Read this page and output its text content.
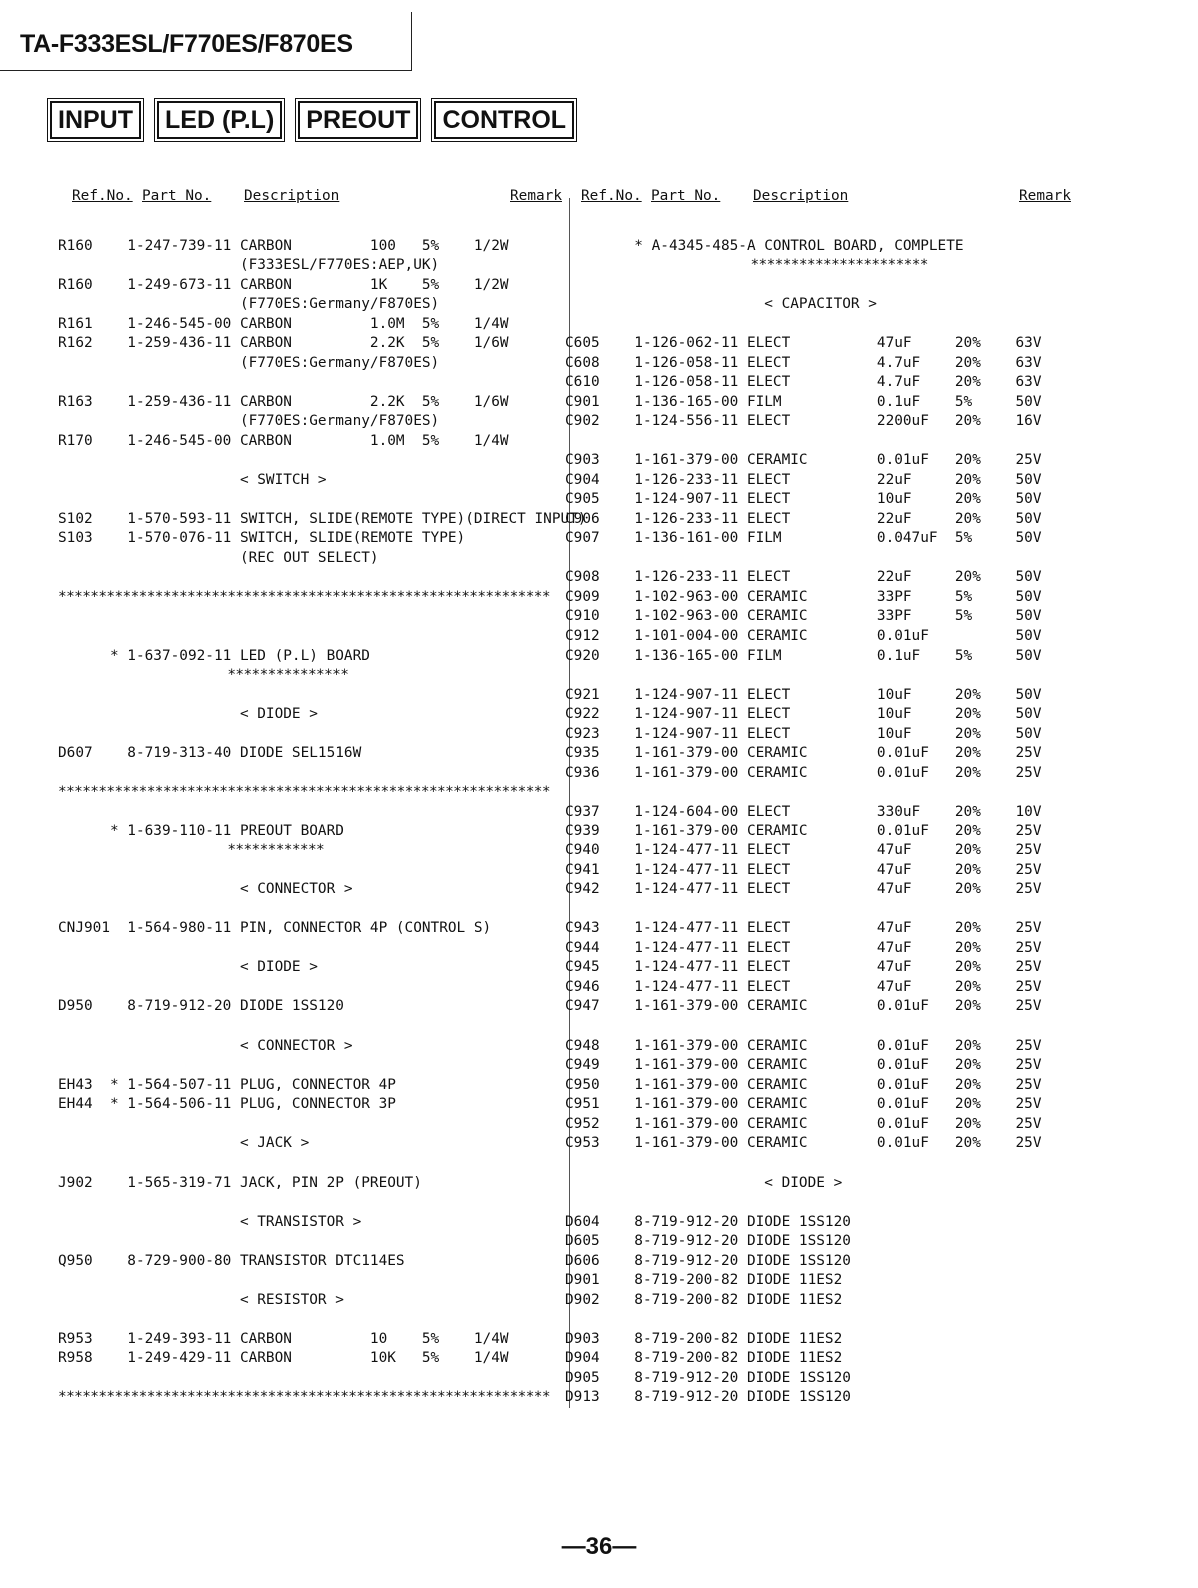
TA-F333ESL/F770ES/F870ES
INPUT	LED (P.L)	PREOUT	CONTROL
Ref.No. Part No. Description	Remark
R160    1-247-739-11 CARBON         100   5%    1/2W
(F333ESL/F770ES:AEP,UK)
R160    1-249-673-11 CARBON         1K    5%    1/2W
(F770ES:Germany/F870ES)
R161    1-246-545-00 CARBON         1.0M  5%    1/4W
R162    1-259-436-11 CARBON         2.2K  5%    1/6W
(F770ES:Germany/F870ES)
R163    1-259-436-11 CARBON         2.2K  5%    1/6W
(F770ES:Germany/F870ES)
R170    1-246-545-00 CARBON         1.0M  5%    1/4W
< SWITCH >
S102    1-570-593-11 SWITCH, SLIDE(REMOTE TYPE)(DIRECT INPUT)
S103    1-570-076-11 SWITCH, SLIDE(REMOTE TYPE)
(REC OUT SELECT)
*************************************************************
* 1-637-092-11 LED (P.L) BOARD
***************
< DIODE >
D607    8-719-313-40 DIODE SEL1516W
*************************************************************
* 1-639-110-11 PREOUT BOARD
************
< CONNECTOR >
CNJ901  1-564-980-11 PIN, CONNECTOR 4P (CONTROL S)
< DIODE >
D950    8-719-912-20 DIODE 1SS120
< CONNECTOR >
EH43  * 1-564-507-11 PLUG, CONNECTOR 4P
EH44  * 1-564-506-11 PLUG, CONNECTOR 3P
< JACK >
J902    1-565-319-71 JACK, PIN 2P (PREOUT)
< TRANSISTOR >
Q950    8-729-900-80 TRANSISTOR DTC114ES
< RESISTOR >
R953    1-249-393-11 CARBON         10    5%    1/4W
R958    1-249-429-11 CARBON         10K   5%    1/4W
*************************************************************
Ref.No. Part No. Description	Remark
* A-4345-485-A CONTROL BOARD, COMPLETE
**********************
< CAPACITOR >
C605    1-126-062-11 ELECT          47uF     20%    63V
C608    1-126-058-11 ELECT          4.7uF    20%    63V
C610    1-126-058-11 ELECT          4.7uF    20%    63V
C901    1-136-165-00 FILM           0.1uF    5%     50V
C902    1-124-556-11 ELECT          2200uF   20%    16V
C903    1-161-379-00 CERAMIC        0.01uF   20%    25V
C904    1-126-233-11 ELECT          22uF     20%    50V
C905    1-124-907-11 ELECT          10uF     20%    50V
C906    1-126-233-11 ELECT          22uF     20%    50V
C907    1-136-161-00 FILM           0.047uF  5%     50V
C908    1-126-233-11 ELECT          22uF     20%    50V
C909    1-102-963-00 CERAMIC        33PF     5%     50V
C910    1-102-963-00 CERAMIC        33PF     5%     50V
C912    1-101-004-00 CERAMIC        0.01uF          50V
C920    1-136-165-00 FILM           0.1uF    5%     50V
C921    1-124-907-11 ELECT          10uF     20%    50V
C922    1-124-907-11 ELECT          10uF     20%    50V
C923    1-124-907-11 ELECT          10uF     20%    50V
C935    1-161-379-00 CERAMIC        0.01uF   20%    25V
C936    1-161-379-00 CERAMIC        0.01uF   20%    25V
C937    1-124-604-00 ELECT          330uF    20%    10V
C939    1-161-379-00 CERAMIC        0.01uF   20%    25V
C940    1-124-477-11 ELECT          47uF     20%    25V
C941    1-124-477-11 ELECT          47uF     20%    25V
C942    1-124-477-11 ELECT          47uF     20%    25V
C943    1-124-477-11 ELECT          47uF     20%    25V
C944    1-124-477-11 ELECT          47uF     20%    25V
C945    1-124-477-11 ELECT          47uF     20%    25V
C946    1-124-477-11 ELECT          47uF     20%    25V
C947    1-161-379-00 CERAMIC        0.01uF   20%    25V
C948    1-161-379-00 CERAMIC        0.01uF   20%    25V
C949    1-161-379-00 CERAMIC        0.01uF   20%    25V
C950    1-161-379-00 CERAMIC        0.01uF   20%    25V
C951    1-161-379-00 CERAMIC        0.01uF   20%    25V
C952    1-161-379-00 CERAMIC        0.01uF   20%    25V
C953    1-161-379-00 CERAMIC        0.01uF   20%    25V
< DIODE >
D604    8-719-912-20 DIODE 1SS120
D605    8-719-912-20 DIODE 1SS120
D606    8-719-912-20 DIODE 1SS120
D901    8-719-200-82 DIODE 11ES2
D902    8-719-200-82 DIODE 11ES2
D903    8-719-200-82 DIODE 11ES2
D904    8-719-200-82 DIODE 11ES2
D905    8-719-912-20 DIODE 1SS120
D913    8-719-912-20 DIODE 1SS120
—36—
